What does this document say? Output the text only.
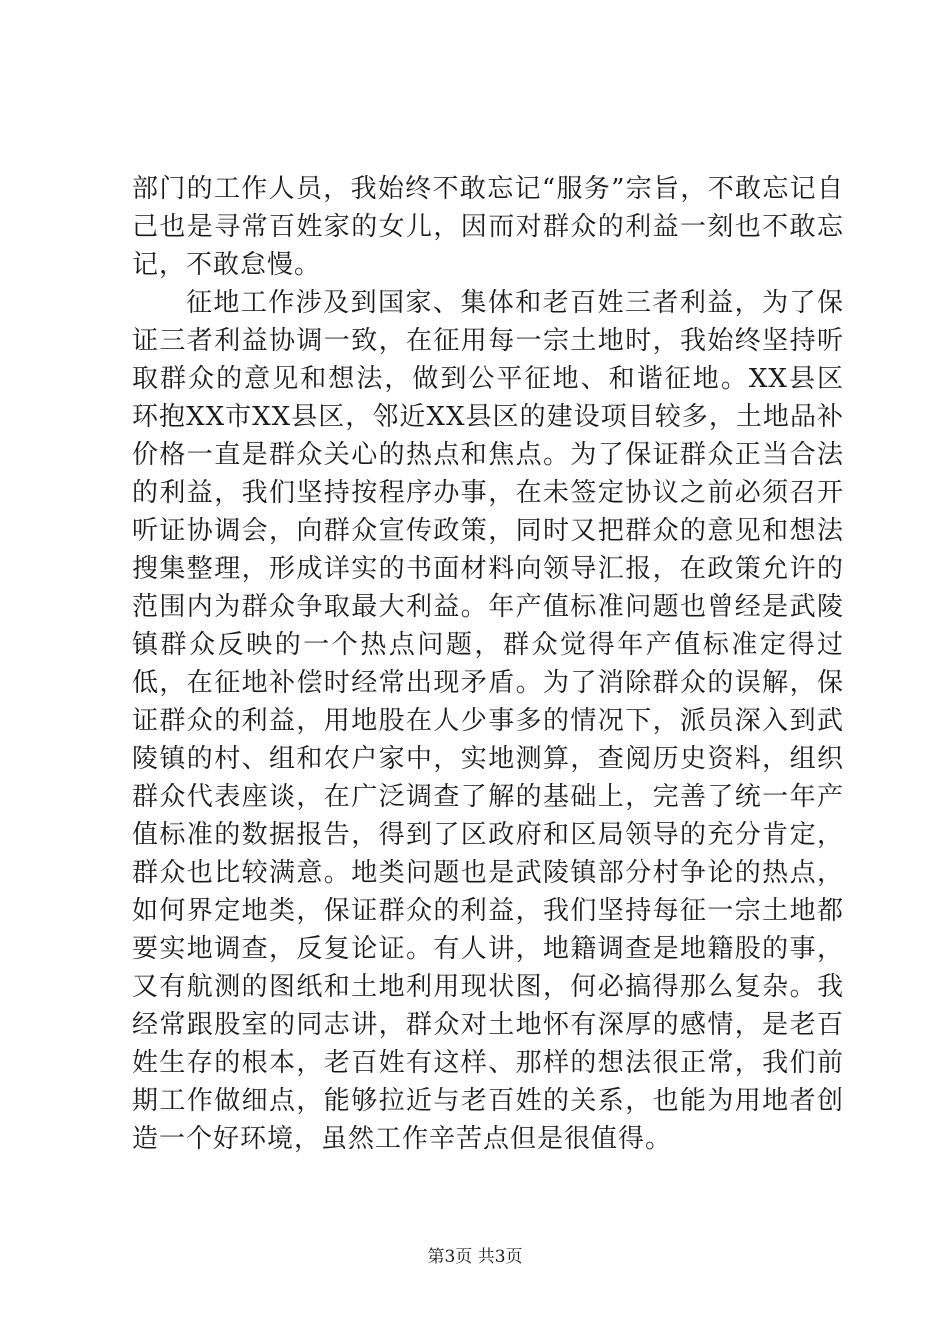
部门的工作人员，我始终不敢忘记“服务”宗旨，不敢忘记自己也是寻常百姓家的女儿，因而对群众的利益一刻也不敢忘记，不敢怠慢。

征地工作涉及到国家、集体和老百姓三者利益，为了保证三者利益协调一致，在征用每一宗土地时，我始终坚持听取群众的意见和想法，做到公平征地、和谐征地。XX县区环抱XX市XX县区，邻近XX县区的建设项目较多，土地品补价格一直是群众关心的热点和焦点。为了保证群众正当合法的利益，我们坚持按程序办事，在未签定协议之前必须召开听证协调会，向群众宣传政策，同时又把群众的意见和想法搜集整理，形成详实的书面材料向领导汇报，在政策允许的范围内为群众争取最大利益。年产值标准问题也曾经是武陵镇群众反映的一个热点问题，群众觉得年产值标准定得过低，在征地补偿时经常出现矛盾。为了消除群众的误解，保证群众的利益，用地股在人少事多的情况下，派员深入到武陵镇的村、组和农户家中，实地测算，查阅历史资料，组织群众代表座谈，在广泛调查了解的基础上，完善了统一年产值标准的数据报告，得到了区政府和区局领导的充分肯定，群众也比较满意。地类问题也是武陵镇部分村争论的热点，如何界定地类，保证群众的利益，我们坚持每征一宗土地都要实地调查，反复论证。有人讲，地籍调查是地籍股的事，又有航测的图纸和土地利用现状图，何必搞得那么复杂。我经常跟股室的同志讲，群众对土地怀有深厚的感情，是老百姓生存的根本，老百姓有这样、那样的想法很正常，我们前期工作做细点，能够拉近与老百姓的关系，也能为用地者创造一个好环境，虽然工作辛苦点但是很值得。

第3页 共3页
